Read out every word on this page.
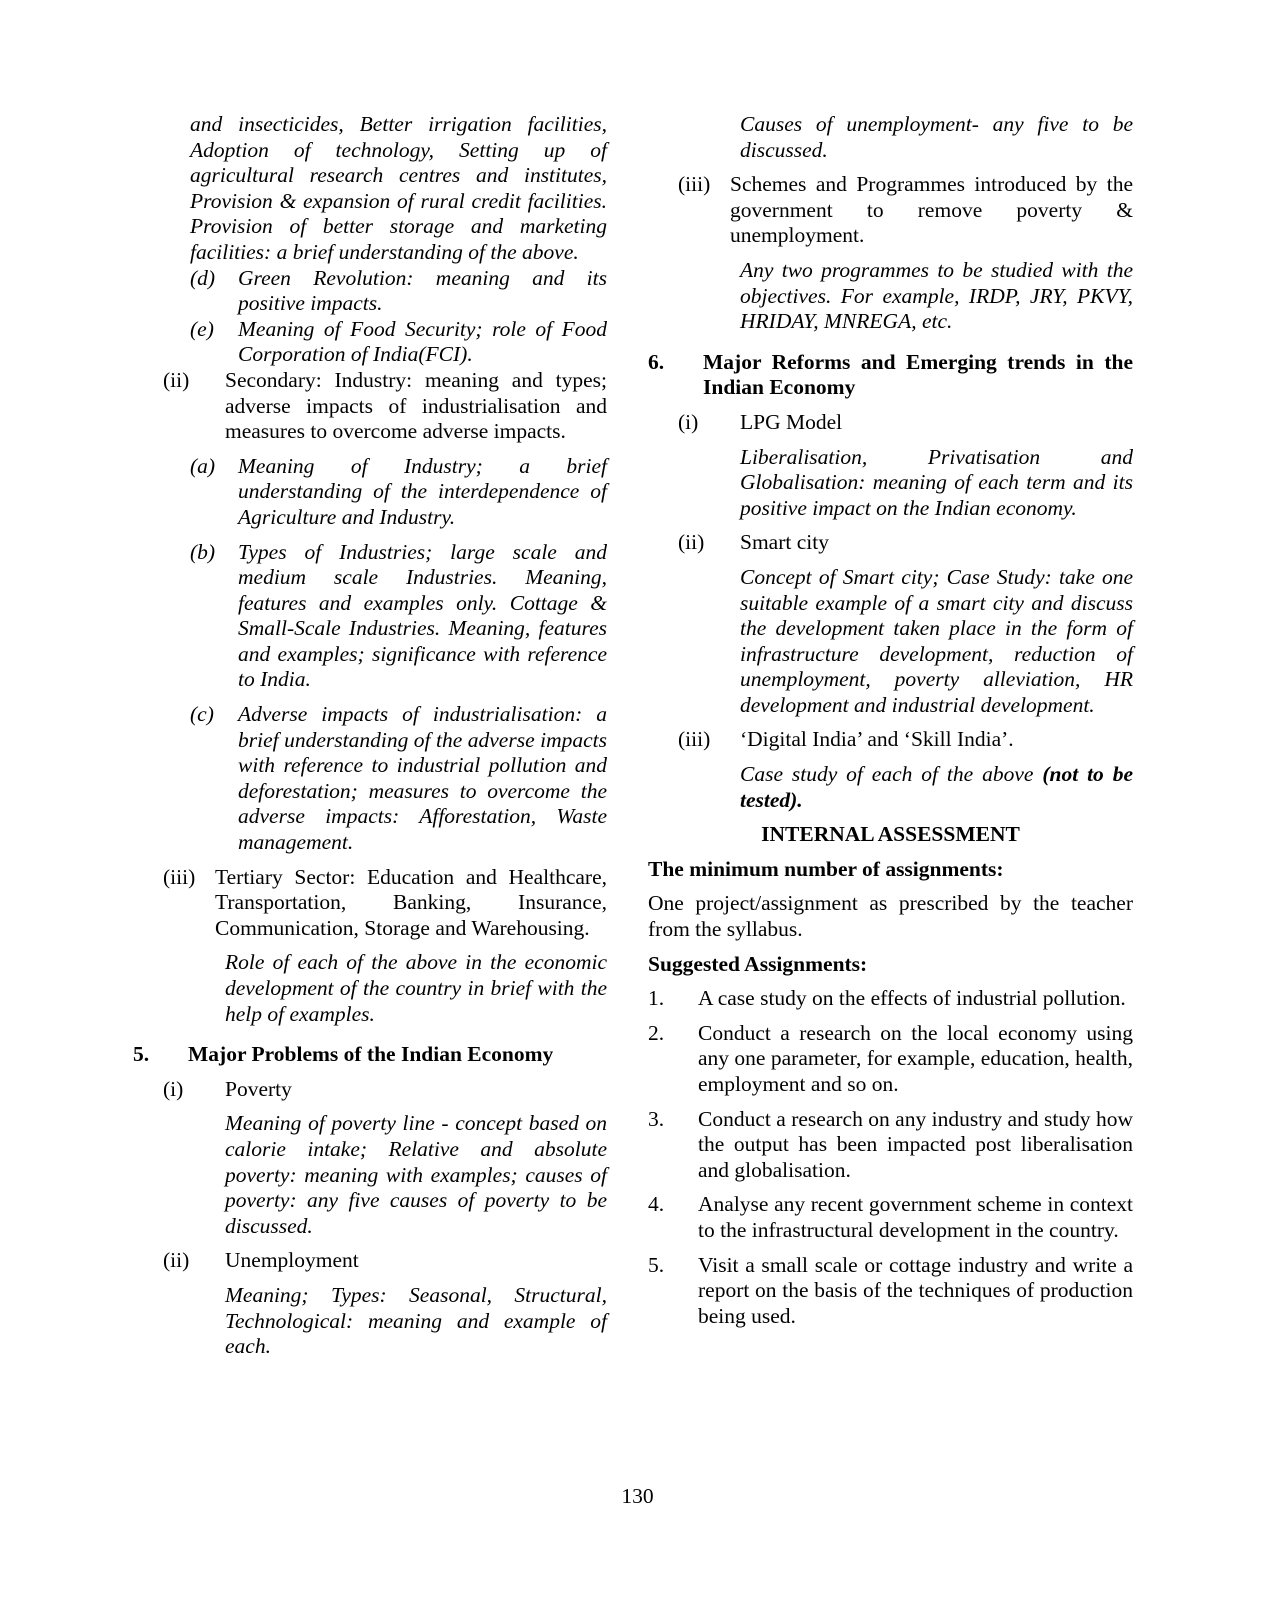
and insecticides, Better irrigation facilities, Adoption of technology, Setting up of agricultural research centres and institutes, Provision & expansion of rural credit facilities. Provision of better storage and marketing facilities: a brief understanding of the above.

(d)	Green Revolution: meaning and its positive impacts.
(e)	Meaning of Food Security; role of Food Corporation of India(FCI).
(ii)	Secondary: Industry: meaning and types; adverse impacts of industrialisation and measures to overcome adverse impacts.
(a)	Meaning of Industry; a brief understanding of the interdependence of Agriculture and Industry.
(b)	Types of Industries; large scale and medium scale Industries. Meaning, features and examples only. Cottage & Small-Scale Industries. Meaning, features and examples; significance with reference to India.
(c)	Adverse impacts of industrialisation: a brief understanding of the adverse impacts with reference to industrial pollution and deforestation; measures to overcome the adverse impacts: Afforestation, Waste management.
(iii) Tertiary Sector: Education and Healthcare, Transportation, Banking, Insurance, Communication, Storage and Warehousing.

Role of each of the above in the economic development of the country in brief with the help of examples.

5.	Major Problems of the Indian Economy
(i)	Poverty

Meaning of poverty line - concept based on calorie intake; Relative and absolute poverty: meaning with examples; causes of poverty: any five causes of poverty to be discussed.

(ii)	Unemployment

Meaning; Types: Seasonal, Structural, Technological: meaning and example of each.

Causes of unemployment- any five to be discussed.

(iii) Schemes and Programmes introduced by the government to remove poverty & unemployment.

Any two programmes to be studied with the objectives. For example, IRDP, JRY, PKVY, HRIDAY, MNREGA, etc.

6.	Major Reforms and Emerging trends in the Indian Economy
(i)	LPG Model

Liberalisation, Privatisation and Globalisation: meaning of each term and its positive impact on the Indian economy.

(ii)	Smart city

Concept of Smart city; Case Study: take one suitable example of a smart city and discuss the development taken place in the form of infrastructure development, reduction of unemployment, poverty alleviation, HR development and industrial development.

(iii)	‘Digital India’ and ‘Skill India’.

Case study of each of the above (not to be tested).

INTERNAL ASSESSMENT

The minimum number of assignments:

One project/assignment as prescribed by the teacher from the syllabus.

Suggested Assignments:

1.	A case study on the effects of industrial pollution.
2.	Conduct a research on the local economy using any one parameter, for example, education, health, employment and so on.
3.	Conduct a research on any industry and study how the output has been impacted post liberalisation and globalisation.
4.	Analyse any recent government scheme in context to the infrastructural development in the country.
5.	Visit a small scale or cottage industry and write a report on the basis of the techniques of production being used.
130
